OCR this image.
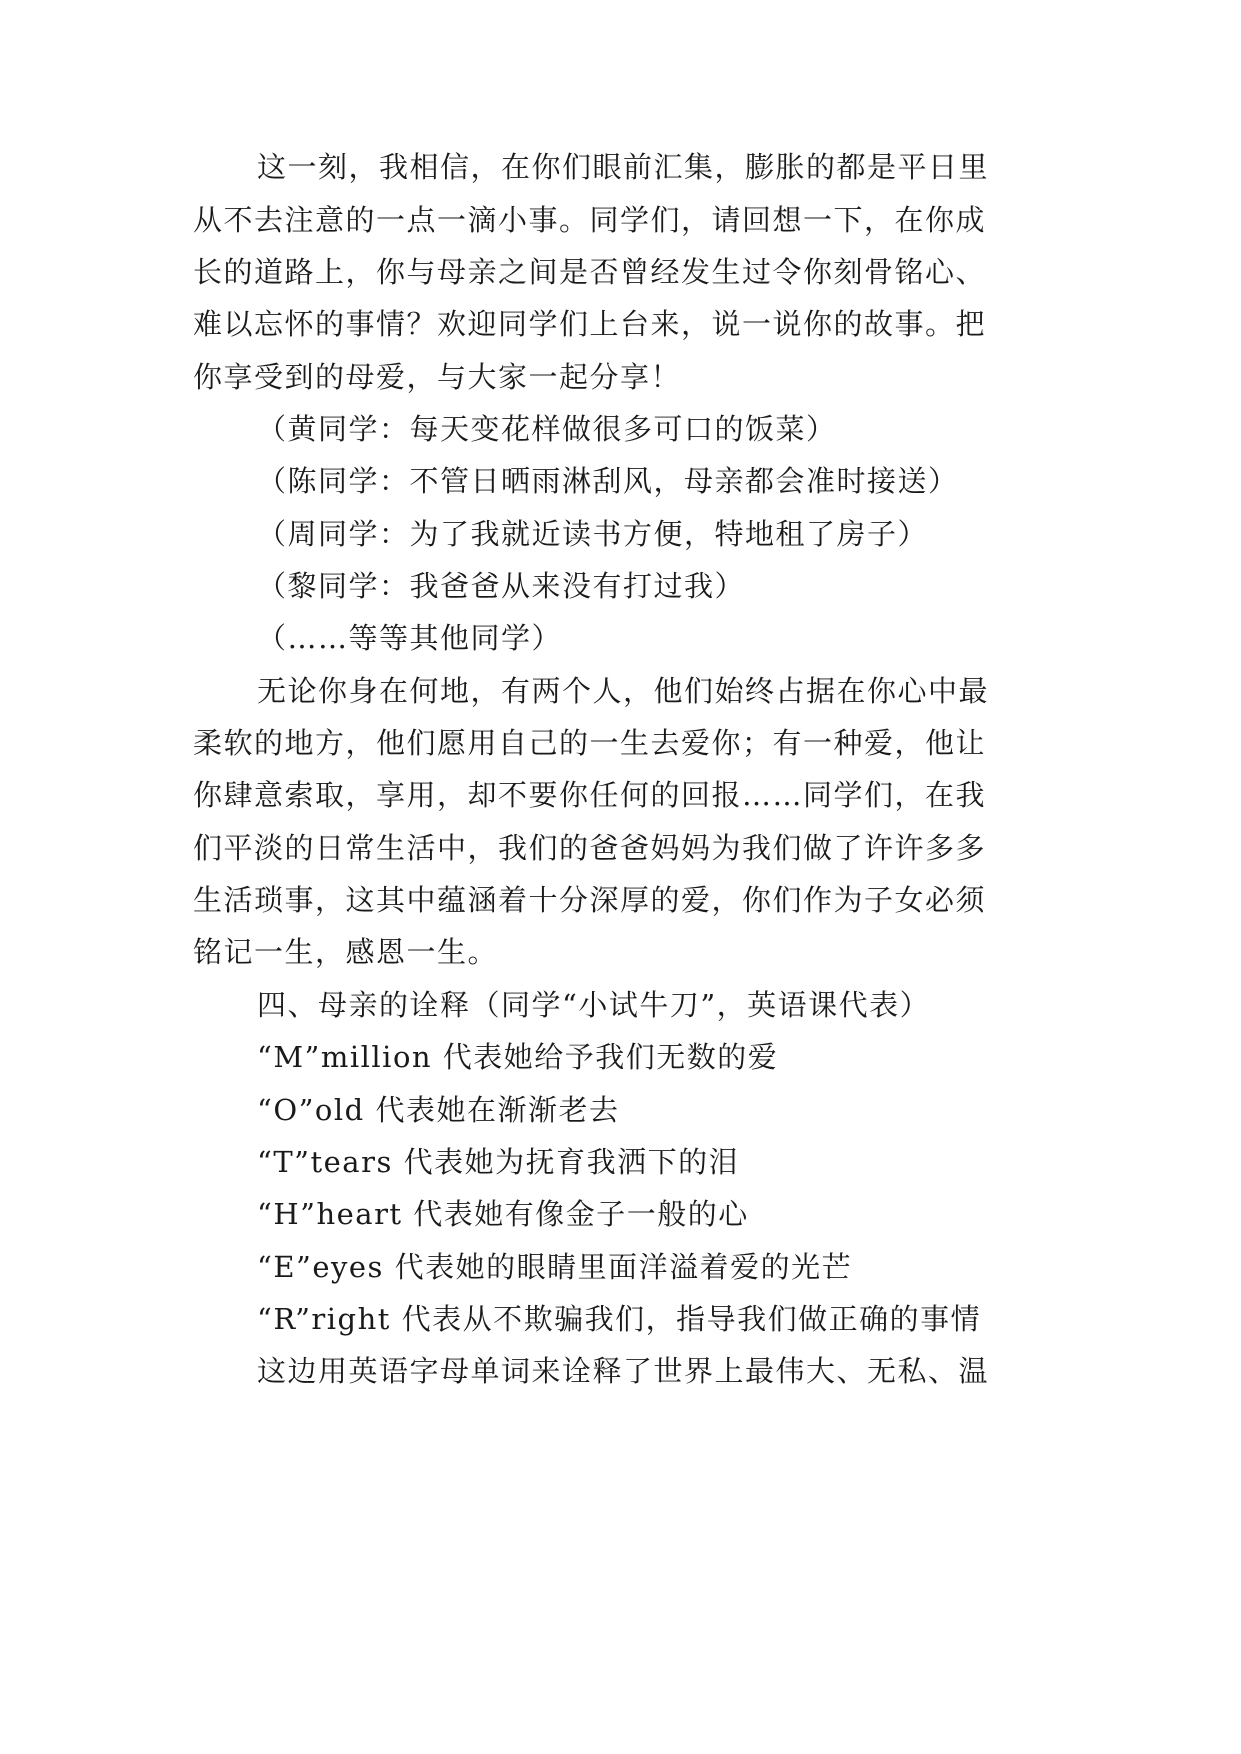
这一刻，我相信，在你们眼前汇集，膨胀的都是平日里
从不去注意的一点一滴小事。同学们，请回想一下，在你成
长的道路上，你与母亲之间是否曾经发生过令你刻骨铭心、
难以忘怀的事情？欢迎同学们上台来，说一说你的故事。把
你享受到的母爱，与大家一起分享！
（黄同学：每天变花样做很多可口的饭菜）
（陈同学：不管日晒雨淋刮风，母亲都会准时接送）
（周同学：为了我就近读书方便，特地租了房子）
（黎同学：我爸爸从来没有打过我）
（……等等其他同学）
无论你身在何地，有两个人，他们始终占据在你心中最
柔软的地方，他们愿用自己的一生去爱你；有一种爱，他让
你肆意索取，享用，却不要你任何的回报……同学们，在我
们平淡的日常生活中，我们的爸爸妈妈为我们做了许许多多
生活琐事，这其中蕴涵着十分深厚的爱，你们作为子女必须
铭记一生，感恩一生。
四、母亲的诠释（同学“小试牛刀”，英语课代表）
“M”million 代表她给予我们无数的爱
“O”old 代表她在渐渐老去
“T”tears 代表她为抚育我洒下的泪
“H”heart 代表她有像金子一般的心
“E”eyes 代表她的眼睛里面洋溢着爱的光芒
“R”right 代表从不欺骗我们，指导我们做正确的事情
这边用英语字母单词来诠释了世界上最伟大、无私、温
